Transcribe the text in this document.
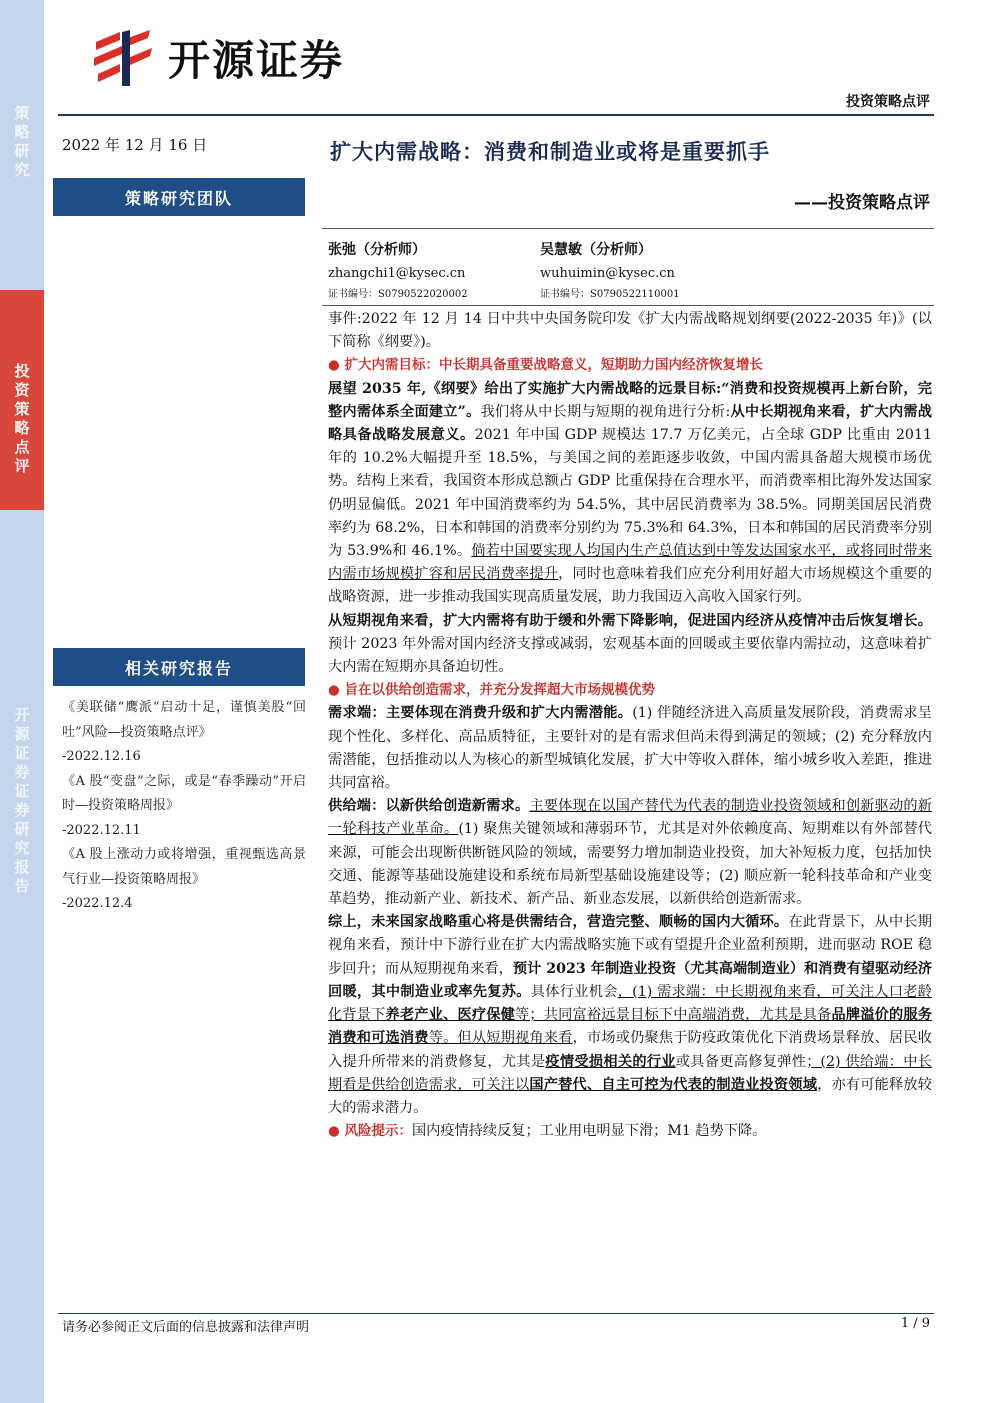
策略研究
投资策略点评
开源证券 证券研究报告
开源证券
投资策略点评
2022 年 12 月 16 日
策略研究团队
相关研究报告
《美联储“鹰派”启动十足，谨慎美股“回吐”风险—投资策略点评》
-2022.12.16
《A 股“变盘”之际，或是“春季躁动”开启时—投资策略周报》
-2022.12.11
《A 股上涨动力或将增强，重视甄选高景气行业—投资策略周报》
-2022.12.4
扩大内需战略：消费和制造业或将是重要抓手
——投资策略点评
张弛（分析师）
zhangchi1@kysec.cn
证书编号：S0790522020002
吴慧敏（分析师）
wuhuimin@kysec.cn
证书编号：S0790522110001

事件:2022 年 12 月 14 日中共中央国务院印发《扩大内需战略规划纲要(2022-2035 年)》(以下简称《纲要》)。

● 扩大内需目标：中长期具备重要战略意义，短期助力国内经济恢复增长

展望 2035 年,《纲要》给出了实施扩大内需战略的远景目标:“消费和投资规模再上新台阶，完整内需体系全面建立”。我们将从中长期与短期的视角进行分析:从中长期视角来看，扩大内需战略具备战略发展意义。2021 年中国 GDP 规模达 17.7 万亿美元，占全球 GDP 比重由 2011 年的 10.2%大幅提升至 18.5%，与美国之间的差距逐步收敛，中国内需具备超大规模市场优势。结构上来看，我国资本形成总额占 GDP 比重保持在合理水平，而消费率相比海外发达国家仍明显偏低。2021 年中国消费率约为 54.5%，其中居民消费率为 38.5%。同期美国居民消费率约为 68.2%，日本和韩国的消费率分别约为 75.3%和 64.3%，日本和韩国的居民消费率分别为 53.9%和 46.1%。倘若中国要实现人均国内生产总值达到中等发达国家水平，或将同时带来内需市场规模扩容和居民消费率提升，同时也意味着我们应充分利用好超大市场规模这个重要的战略资源，进一步推动我国实现高质量发展，助力我国迈入高收入国家行列。

从短期视角来看，扩大内需将有助于缓和外需下降影响，促进国内经济从疫情冲击后恢复增长。预计 2023 年外需对国内经济支撑或减弱，宏观基本面的回暖或主要依靠内需拉动，这意味着扩大内需在短期亦具备迫切性。

● 旨在以供给创造需求，并充分发挥超大市场规模优势

需求端：主要体现在消费升级和扩大内需潜能。(1) 伴随经济进入高质量发展阶段，消费需求呈现个性化、多样化、高品质特征，主要针对的是有需求但尚未得到满足的领域；(2) 充分释放内需潜能，包括推动以人为核心的新型城镇化发展，扩大中等收入群体，缩小城乡收入差距，推进共同富裕。

供给端：以新供给创造新需求。主要体现在以国产替代为代表的制造业投资领域和创新驱动的新一轮科技产业革命。(1) 聚焦关键领域和薄弱环节，尤其是对外依赖度高、短期难以有外部替代来源，可能会出现断供断链风险的领域，需要努力增加制造业投资，加大补短板力度，包括加快交通、能源等基础设施建设和系统布局新型基础设施建设等；(2) 顺应新一轮科技革命和产业变革趋势，推动新产业、新技术、新产品、新业态发展，以新供给创造新需求。

综上，未来国家战略重心将是供需结合，营造完整、顺畅的国内大循环。在此背景下，从中长期视角来看，预计中下游行业在扩大内需战略实施下或有望提升企业盈利预期，进而驱动 ROE 稳步回升；而从短期视角来看，预计 2023 年制造业投资（尤其高端制造业）和消费有望驱动经济回暖，其中制造业或率先复苏。具体行业机会，(1) 需求端：中长期视角来看，可关注人口老龄化背景下养老产业、医疗保健等；共同富裕远景目标下中高端消费，尤其是具备品牌溢价的服务消费和可选消费等。但从短期视角来看，市场或仍聚焦于防疫政策优化下消费场景释放、居民收入提升所带来的消费修复，尤其是疫情受损相关的行业或具备更高修复弹性；(2) 供给端：中长期看是供给创造需求，可关注以国产替代、自主可控为代表的制造业投资领域，亦有可能释放较大的需求潜力。

● 风险提示：国内疫情持续反复；工业用电明显下滑；M1 趋势下降。

请务必参阅正文后面的信息披露和法律声明	1 / 9
